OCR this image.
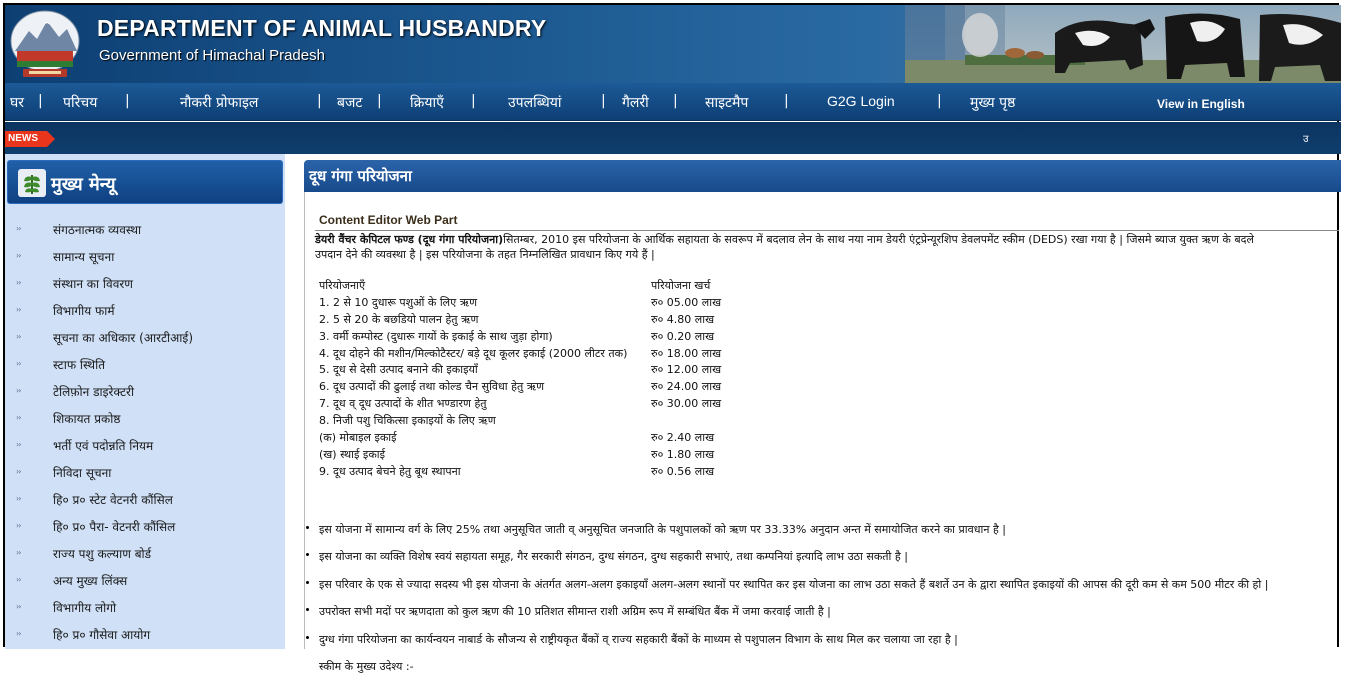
DEPARTMENT OF ANIMAL HUSBANDRY
Government of Himachal Pradesh
घर | परिचय |	नौकरी प्रोफाइल	| बजट | क्रियाएँ | उपलब्धियां	| गैलरी | साइटमैप	|	G2G Login	| मुख्य पृष्ठ	View in English
NEWS	उ
मुख्य मेन्यू
››	संगठनात्मक व्यवस्था
››	सामान्य सूचना
››	संस्थान का विवरण
››	विभागीय फार्म
››	सूचना का अधिकार (आरटीआई)
››	स्टाफ स्थिति
››	टेलिफ़ोन डाइरेक्टरी
››	शिकायत प्रकोष्ठ
››	भर्ती एवं पदोन्नति नियम
››	निविदा सूचना
››	हि० प्र० स्टेट वेटनरी कौंसिल
››	हि० प्र० पैरा- वेटनरी कौंसिल
››	राज्य पशु कल्याण बोर्ड
››	अन्य मुख्य लिंक्स
››	विभागीय लोगो
››	हि० प्र० गौसेवा आयोग
दूध गंगा परियोजना
Content Editor Web Part
डेयरी वैंचर केपिटल फण्ड (दूध गंगा परियोजना)सितम्बर, 2010 इस परियोजना के आर्थिक सहायता के सवरूप में बदलाव लेन के साथ नया नाम डेयरी एंट्रप्रेन्यूरशिप डेवलपमेंट स्कीम (DEDS) रखा गया है | जिसमे ब्याज युक्त ऋण के बदले
उपदान देने की व्यवस्था है | इस परियोजना के तहत निम्नलिखित प्रावधान किए गये हैं |
परियोजनाएँ	परियोजना खर्च
1. 2 से 10 दुधारू पशुओं के लिए ऋण	रु० 05.00 लाख
2. 5 से 20 के बछडियो पालन हेतु ऋण	रु० 4.80 लाख
3. वर्मी कम्पोस्ट (दुधारू गायों के इकाई के साथ जुड़ा होगा)	रु० 0.20 लाख
4. दूध दोहने की मशीन/मिल्कोटैस्टर/ बड़े दूध कूलर इकाई (2000 लीटर तक) रु० 18.00 लाख
5. दूध से देसी उत्पाद बनाने की इकाइयाँ	रु० 12.00 लाख
6. दूध उत्पादों की ढुलाई तथा कोल्ड चैन सुविधा हेतु ऋण	रु० 24.00 लाख
7. दूध व् दूध उत्पादों के शीत भण्डारण हेतु	रु० 30.00 लाख
8. निजी पशु चिकित्सा इकाइयों के लिए ऋण
(क) मोबाइल इकाई	रु० 2.40 लाख
(ख) स्थाई इकाई	रु० 1.80 लाख
9. दूध उत्पाद बेचने हेतु बूथ स्थापना	रु० 0.56 लाख
इस योजना में सामान्य वर्ग के लिए 25% तथा अनुसूचित जाती व् अनुसूचित जनजाति के पशुपालकों को ऋण पर 33.33% अनुदान अन्त में समायोजित करने का प्रावधान है |
इस योजना का व्यक्ति विशेष स्वयं सहायता समूह, गैर सरकारी संगठन, दुग्ध संगठन, दुग्ध सहकारी सभाएं, तथा कम्पनियां इत्यादि लाभ उठा सकती है |
इस परिवार के एक से ज्यादा सदस्य भी इस योजना के अंतर्गत अलग-अलग इकाइयाँ अलग-अलग स्थानों पर स्थापित कर इस योजना का लाभ उठा सकते हैं बशर्ते उन के द्वारा स्थापित इकाइयों की आपस की दूरी कम से कम 500 मीटर की हो |
उपरोक्त सभी मदों पर ऋणदाता को कुल ऋण की 10 प्रतिशत सीमान्त राशी अग्रिम रूप में सम्बंधित बैंक में जमा करवाई जाती है |
दुग्ध गंगा परियोजना का कार्यन्वयन नाबार्ड के सौजन्य से राष्ट्रीयकृत बैंकों व् राज्य सहकारी बैंकों के माध्यम से पशुपालन विभाग के साथ मिल कर चलाया जा रहा है |
स्कीम के मुख्य उदेश्य :-
